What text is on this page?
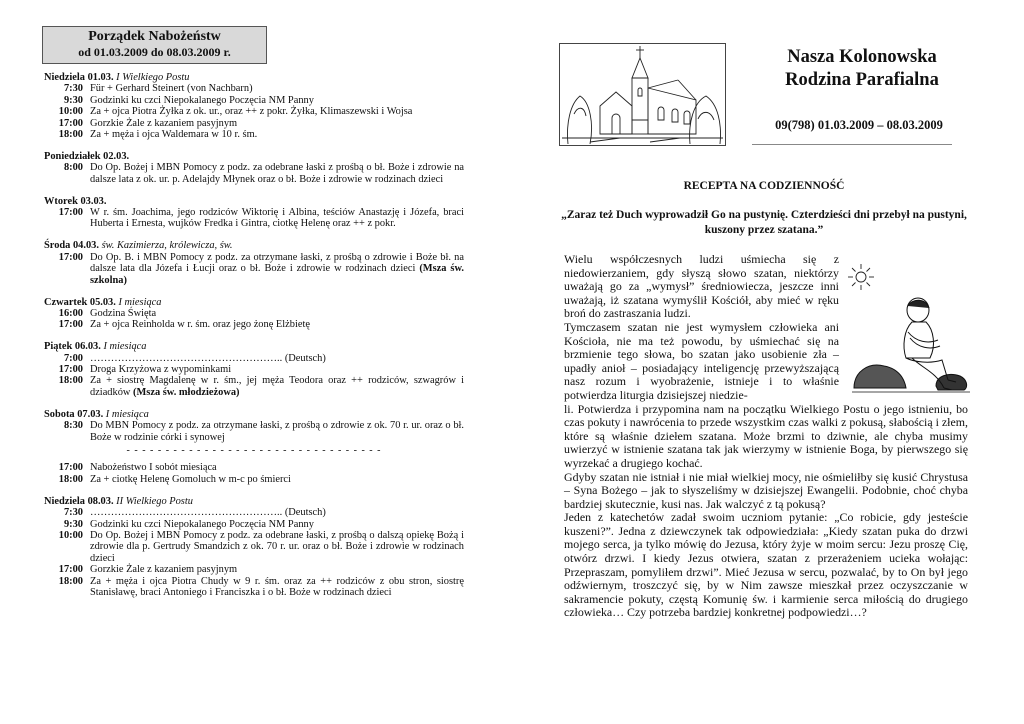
Porządek Nabożeństw
od 01.03.2009 do 08.03.2009 r.
Niedziela 01.03. I Wielkiego Postu
7:30 Für + Gerhard Steinert (von Nachbarn)
9:30 Godzinki ku czci Niepokalanego Poczęcia NM Panny
10:00 Za + ojca Piotra Żyłka z ok. ur., oraz ++ z pokr. Żyłka, Klimaszewski i Wojsa
17:00 Gorzkie Żale z kazaniem pasyjnym
18:00 Za + męża i ojca Waldemara w 10 r. śm.
Poniedziałek 02.03.
8:00 Do Op. Bożej i MBN Pomocy z podz. za odebrane łaski z prośbą o bł. Boże i zdrowie na dalsze lata z ok. ur. p. Adelajdy Młynek oraz o bł. Boże i zdrowie w rodzinach dzieci
Wtorek 03.03.
17:00 W r. śm. Joachima, jego rodziców Wiktorię i Albina, teściów Anastazję i Józefa, braci Huberta i Ernesta, wujków Fredka i Gintra, ciotkę Helenę oraz ++ z pokr.
Środa 04.03. św. Kazimierza, królewicza, św.
17:00 Do Op. B. i MBN Pomocy z podz. za otrzymane łaski, z prośbą o zdrowie i Boże bł. na dalsze lata dla Józefa i Łucji oraz o bł. Boże i zdrowie w rodzinach dzieci (Msza św. szkolna)
Czwartek 05.03. I miesiąca
16:00 Godzina Święta
17:00 Za + ojca Reinholda w r. śm. oraz jego żonę Elżbietę
Piątek 06.03. I miesiąca
7:00 ……………………………………………….. (Deutsch)
17:00 Droga Krzyżowa z wypominkami
18:00 Za + siostrę Magdalenę w r. śm., jej męża Teodora oraz ++ rodziców, szwagrów i dziadków (Msza św. młodzieżowa)
Sobota 07.03. I miesiąca
8:30 Do MBN Pomocy z podz. za otrzymane łaski, z prośbą o zdrowie z ok. 70 r. ur. oraz o bł. Boże w rodzinie córki i synowej
- - - - - - - - - - - - - - - - - - - - - - - - - - - - - - - - -
17:00 Nabożeństwo I sobót miesiąca
18:00 Za + ciotkę Helenę Gomoluch w m-c po śmierci
Niedziela 08.03. II Wielkiego Postu
7:30 ……………………………………………….. (Deutsch)
9:30 Godzinki ku czci Niepokalanego Poczęcia NM Panny
10:00 Do Op. Bożej i MBN Pomocy z podz. za odebrane łaski, z prośbą o dalszą opiekę Bożą i zdrowie dla p. Gertrudy Smandzich z ok. 70 r. ur. oraz o bł. Boże i zdrowie w rodzinach dzieci
17:00 Gorzkie Żale z kazaniem pasyjnym
18:00 Za + męża i ojca Piotra Chudy w 9 r. śm. oraz za ++ rodziców z obu stron, siostrę Stanisławę, braci Antoniego i Franciszka i o bł. Boże w rodzinach dzieci
Nasza Kolonowska
Rodzina Parafialna
09(798) 01.03.2009 – 08.03.2009
RECEPTA NA CODZIENNOŚĆ
„Zaraz też Duch wyprowadził Go na pustynię. Czterdzieści dni przebył na pustyni, kuszony przez szatana.”

Wielu współczesnych ludzi uśmiecha się z niedowierzaniem, gdy słyszą słowo szatan, niektórzy uważają go za „wymysł” średniowiecza, jeszcze inni uważają, iż szatana wymyślił Kościół, aby mieć w ręku broń do zastraszania ludzi.

Tymczasem szatan nie jest wymysłem człowieka ani Kościoła, nie ma też powodu, by uśmiechać się na brzmienie tego słowa, bo szatan jako usobienie zła – upadły anioł – posiadający inteligencję przewyższającą nasz rozum i wyobrażenie, istnieje i to właśnie potwierdza liturgia dzisiejszej niedzie-

li. Potwierdza i przypomina nam na początku Wielkiego Postu o jego istnieniu, bo czas pokuty i nawrócenia to przede wszystkim czas walki z pokusą, słabością i złem, które są właśnie dziełem szatana. Może brzmi to dziwnie, ale chyba musimy uwierzyć w istnienie szatana tak jak wierzymy w istnienie Boga, by pierwszego się wyrzekać a drugiego kochać.

Gdyby szatan nie istniał i nie miał wielkiej mocy, nie ośmieliłby się kusić Chrystusa – Syna Bożego – jak to słyszeliśmy w dzisiejszej Ewangelii. Podobnie, choć chyba bardziej skutecznie, kusi nas. Jak walczyć z tą pokusą?

Jeden z katechetów zadał swoim uczniom pytanie: „Co robicie, gdy jesteście kuszeni?”. Jedna z dziewczynek tak odpowiedziała: „Kiedy szatan puka do drzwi mojego serca, ja tylko mówię do Jezusa, który żyje w moim sercu: Jezu proszę Cię, otwórz drzwi. I kiedy Jezus otwiera, szatan z przerażeniem ucieka wołając: Przepraszam, pomyliłem drzwi”. Mieć Jezusa w sercu, pozwalać, by to On był jego odźwiernym, troszczyć się, by w Nim zawsze mieszkał przez oczyszczanie w sakramencie pokuty, częstą Komunię św. i karmienie serca miłością do drugiego człowieka… Czy potrzeba bardziej konkretnej podpowiedzi…?
